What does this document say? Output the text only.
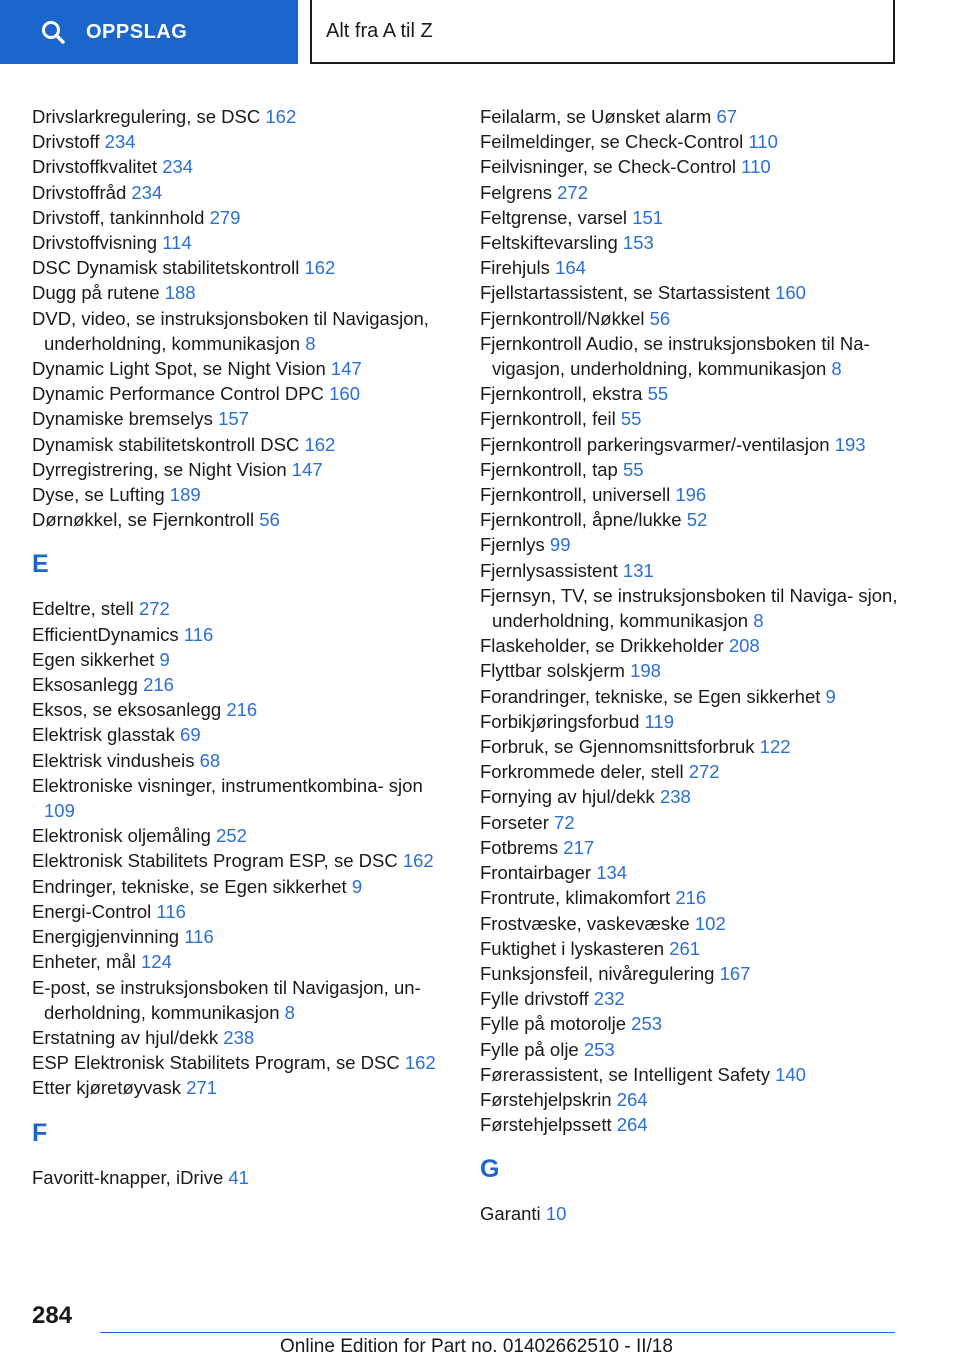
OPPSLAG	Alt fra A til Z
Drivslarkregulering, se DSC 162
Drivstoff 234
Drivstoffkvalitet 234
Drivstoffråd 234
Drivstoff, tankinnhold 279
Drivstoffvisning 114
DSC Dynamisk stabilitetskontroll 162
Dugg på rutene 188
DVD, video, se instruksjonsboken til Navigasjon, underholdning, kommunikasjon 8
Dynamic Light Spot, se Night Vision 147
Dynamic Performance Control DPC 160
Dynamiske bremselys 157
Dynamisk stabilitetskontroll DSC 162
Dyrregistrering, se Night Vision 147
Dyse, se Lufting 189
Dørnøkkel, se Fjernkontroll 56
E
Edeltre, stell 272
EfficientDynamics 116
Egen sikkerhet 9
Eksosanlegg 216
Eksos, se eksosanlegg 216
Elektrisk glasstak 69
Elektrisk vindusheis 68
Elektroniske visninger, instrumentkombina‐ sjon 109
Elektronisk oljemåling 252
Elektronisk Stabilitets Program ESP, se DSC 162
Endringer, tekniske, se Egen sikkerhet 9
Energi-Control 116
Energigjenvinning 116
Enheter, mål 124
E-post, se instruksjonsboken til Navigasjon, un‐ derholdning, kommunikasjon 8
Erstatning av hjul/dekk 238
ESP Elektronisk Stabilitets Program, se DSC 162
Etter kjøretøyvask 271
F
Favoritt-knapper, iDrive 41
Feilalarm, se Uønsket alarm 67
Feilmeldinger, se Check-Control 110
Feilvisninger, se Check-Control 110
Felgrens 272
Feltgrense, varsel 151
Feltskiftevarsling 153
Firehjuls 164
Fjellstartassistent, se Startassistent 160
Fjernkontroll/Nøkkel 56
Fjernkontroll Audio, se instruksjonsboken til Na‐ vigasjon, underholdning, kommunikasjon 8
Fjernkontroll, ekstra 55
Fjernkontroll, feil 55
Fjernkontroll parkeringsvarmer/-ventilasjon 193
Fjernkontroll, tap 55
Fjernkontroll, universell 196
Fjernkontroll, åpne/lukke 52
Fjernlys 99
Fjernlysassistent 131
Fjernsyn, TV, se instruksjonsboken til Naviga‐ sjon, underholdning, kommunikasjon 8
Flaskeholder, se Drikkeholder 208
Flyttbar solskjerm 198
Forandringer, tekniske, se Egen sikkerhet 9
Forbikjøringsforbud 119
Forbruk, se Gjennomsnittsforbruk 122
Forkrommede deler, stell 272
Fornying av hjul/dekk 238
Forseter 72
Fotbrems 217
Frontairbager 134
Frontrute, klimakomfort 216
Frostvæske, vaskevæske 102
Fuktighet i lyskasteren 261
Funksjonsfeil, nivåregulering 167
Fylle drivstoff 232
Fylle på motorolje 253
Fylle på olje 253
Førerassistent, se Intelligent Safety 140
Førstehjelpskrin 264
Førstehjelpssett 264
G
Garanti 10
284
Online Edition for Part no. 01402662510 - II/18
